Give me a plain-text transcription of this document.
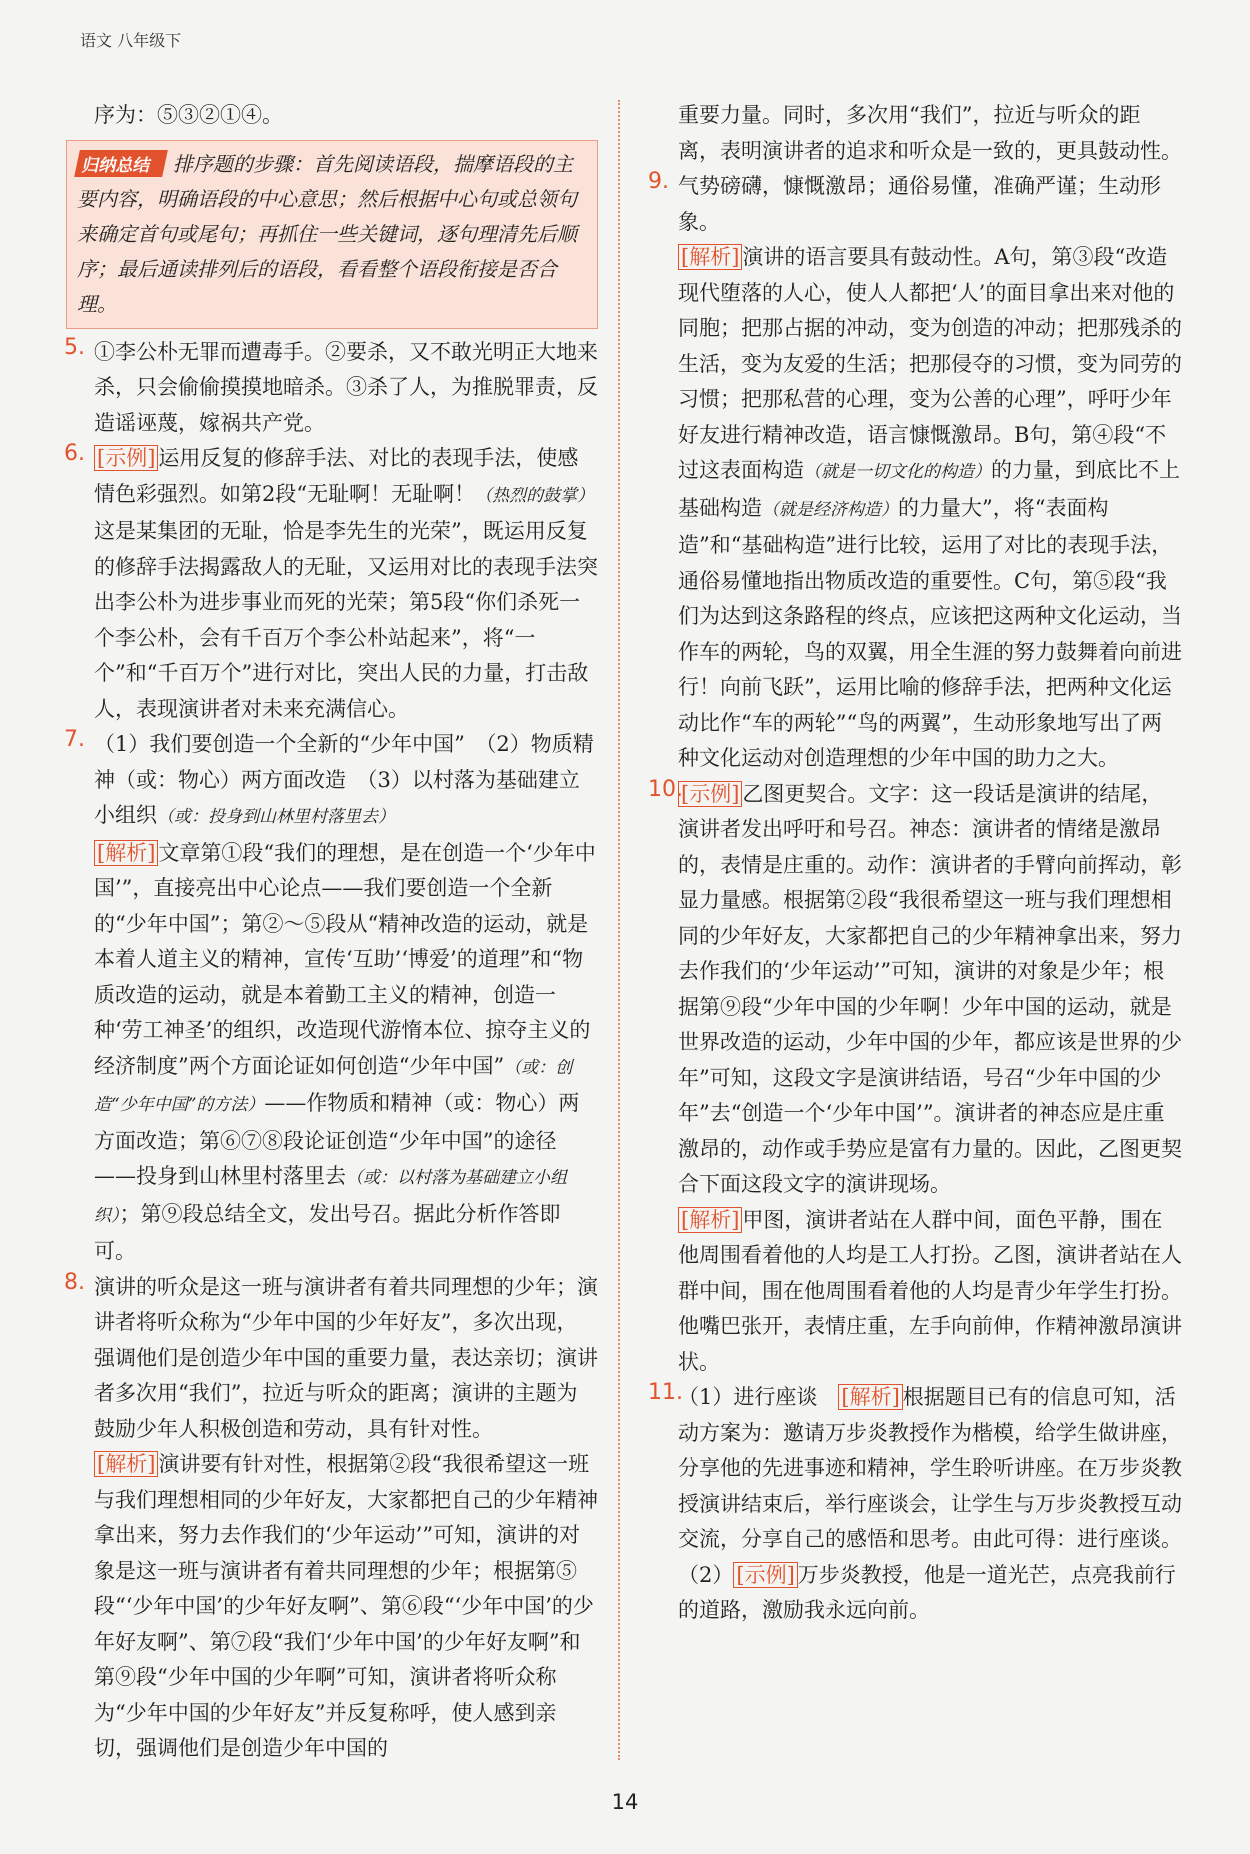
语文 八年级下

序为：⑤③②①④。

归纳总结 排序题的步骤：首先阅读语段，揣摩语段的主要内容，明确语段的中心意思；然后根据中心句或总领句来确定首句或尾句；再抓住一些关键词，逐句理清先后顺序；最后通读排列后的语段，看看整个语段衔接是否合理。
5. ①李公朴无罪而遭毒手。②要杀，又不敢光明正大地来杀，只会偷偷摸摸地暗杀。③杀了人，为推脱罪责，反造谣诬蔑，嫁祸共产党。

6. [示例] 运用反复的修辞手法、对比的表现手法，使感情色彩强烈。如第2段“无耻啊！无耻啊！（热烈的鼓掌）这是某集团的无耻，恰是李先生的光荣”，既运用反复的修辞手法揭露敌人的无耻，又运用对比的表现手法突出李公朴为进步事业而死的光荣；第5段“你们杀死一个李公朴，会有千百万个李公朴站起来”，将“一个”和“千百万个”进行对比，突出人民的力量，打击敌人，表现演讲者对未来充满信心。

7. （1）我们要创造一个全新的“少年中国”　（2）物质精神（或：物心）两方面改造　（3）以村落为基础建立小组织（或：投身到山林里村落里去）

[解析] 文章第①段“我们的理想，是在创造一个‘少年中国’”，直接亮出中心论点——我们要创造一个全新的“少年中国”；第②～⑤段从“精神改造的运动，就是本着人道主义的精神，宣传‘互助’‘博爱’的道理”和“物质改造的运动，就是本着勤工主义的精神，创造一种‘劳工神圣’的组织，改造现代游惰本位、掠夺主义的经济制度”两个方面论证如何创造“少年中国”（或：创造“少年中国”的方法）——作物质和精神（或：物心）两方面改造；第⑥⑦⑧段论证创造“少年中国”的途径——投身到山林里村落里去（或：以村落为基础建立小组织）；第⑨段总结全文，发出号召。据此分析作答即可。

8. 演讲的听众是这一班与演讲者有着共同理想的少年；演讲者将听众称为“少年中国的少年好友”，多次出现，强调他们是创造少年中国的重要力量，表达亲切；演讲者多次用“我们”，拉近与听众的距离；演讲的主题为鼓励少年人积极创造和劳动，具有针对性。

[解析] 演讲要有针对性，根据第②段“我很希望这一班与我们理想相同的少年好友，大家都把自己的少年精神拿出来，努力去作我们的‘少年运动’”可知，演讲的对象是这一班与演讲者有着共同理想的少年；根据第⑤段“‘少年中国’的少年好友啊”、第⑥段“‘少年中国’的少年好友啊”、第⑦段“我们‘少年中国’的少年好友啊”和第⑨段“少年中国的少年啊”可知，演讲者将听众称为“少年中国的少年好友”并反复称呼，使人感到亲切，强调他们是创造少年中国的

重要力量。同时，多次用“我们”，拉近与听众的距离，表明演讲者的追求和听众是一致的，更具鼓动性。

9. 气势磅礴，慷慨激昂；通俗易懂，准确严谨；生动形象。

[解析] 演讲的语言要具有鼓动性。A句，第③段“改造现代堕落的人心，使人人都把‘人’的面目拿出来对他的同胞；把那占据的冲动，变为创造的冲动；把那残杀的生活，变为友爱的生活；把那侵夺的习惯，变为同劳的习惯；把那私营的心理，变为公善的心理”，呼吁少年好友进行精神改造，语言慷慨激昂。B句，第④段“不过这表面构造（就是一切文化的构造）的力量，到底比不上基础构造（就是经济构造）的力量大”，将“表面构造”和“基础构造”进行比较，运用了对比的表现手法，通俗易懂地指出物质改造的重要性。C句，第⑤段“我们为达到这条路程的终点，应该把这两种文化运动，当作车的两轮，鸟的双翼，用全生涯的努力鼓舞着向前进行！向前飞跃”，运用比喻的修辞手法，把两种文化运动比作“车的两轮”“鸟的两翼”，生动形象地写出了两种文化运动对创造理想的少年中国的助力之大。

10.

[示例] 乙图更契合。文字：这一段话是演讲的结尾，演讲者发出呼吁和号召。神态：演讲者的情绪是激昂的，表情是庄重的。动作：演讲者的手臂向前挥动，彰显力量感。根据第②段“我很希望这一班与我们理想相同的少年好友，大家都把自己的少年精神拿出来，努力去作我们的‘少年运动’”可知，演讲的对象是少年；根据第⑨段“少年中国的少年啊！少年中国的运动，就是世界改造的运动，少年中国的少年，都应该是世界的少年”可知，这段文字是演讲结语，号召“少年中国的少年”去“创造一个‘少年中国’”。演讲者的神态应是庄重激昂的，动作或手势应是富有力量的。因此，乙图更契合下面这段文字的演讲现场。

[解析] 甲图，演讲者站在人群中间，面色平静，围在他周围看着他的人均是工人打扮。乙图，演讲者站在人群中间，围在他周围看着他的人均是青少年学生打扮。他嘴巴张开，表情庄重，左手向前伸，作精神激昂演讲状。

11.

（1）进行座谈　[解析] 根据题目已有的信息可知，活动方案为：邀请万步炎教授作为楷模，给学生做讲座，分享他的先进事迹和精神，学生聆听讲座。在万步炎教授演讲结束后，举行座谈会，让学生与万步炎教授互动交流，分享自己的感悟和思考。由此可得：进行座谈。

（2） [示例] 万步炎教授，他是一道光芒，点亮我前行的道路，激励我永远向前。

14
